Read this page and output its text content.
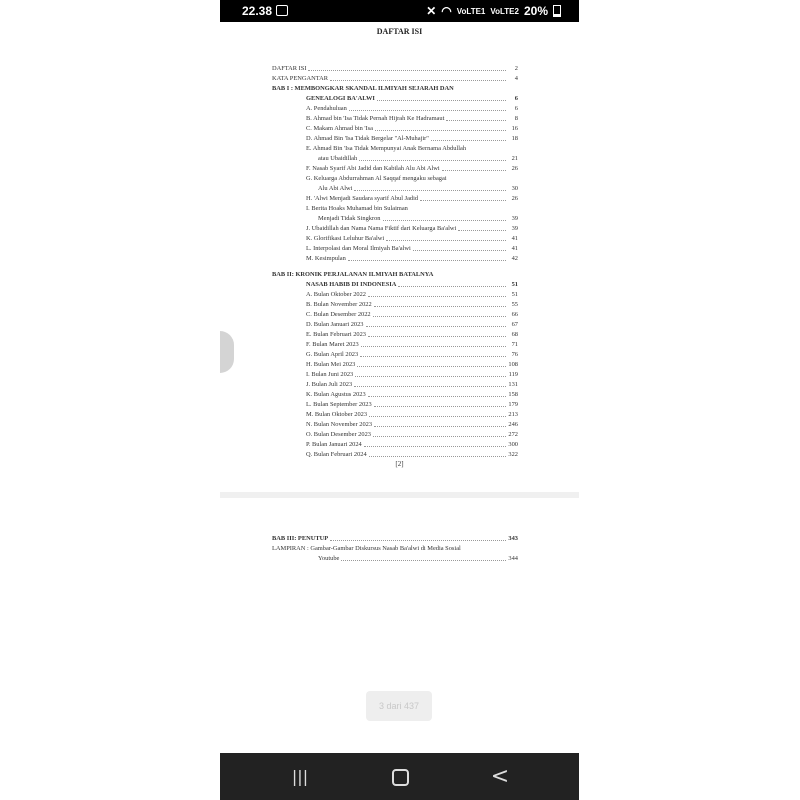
22.38	✕ ◠ VoLTE1 VoLTE2 20%
DAFTAR ISI
DAFTAR ISI	2
KATA PENGANTAR	4
BAB I : MEMBONGKAR SKANDAL ILMIYAH SEJARAH DAN
GENEALOGI BA'ALWI	6
A. Pendahuluan	6
B. Ahmad bin 'Isa Tidak Pernah Hijrah Ke Hadramaut	8
C. Makam Ahmad bin 'Isa	16
D. Ahmad Bin 'Isa Tidak Bergelar "Al-Muhajir"	18
E. Ahmad Bin 'Isa Tidak Mempunyai Anak Bernama Abdullah
atau Ubaidillah	21
F. Nasab Syarif Abi Jadid dan Kabilah Alu Abi Alwi	26
G. Keluarga Abdurrahman Al Saqqaf mengaku sebagai
Alu Abi Alwi	30
H. 'Alwi Menjadi Saudara syarif Abul Jadid	26
I. Berita Hoaks Muhamad bin Sulaiman
Menjadi Tidak Singkron	39
J. Ubaidillah dan Nama Nama Fiktif dari Keluarga Ba'alwi	39
K. Glorifikasi Leluhur Ba'alwi	41
L. Interpolasi dan Moral Ilmiyah Ba'alwi	41
M. Kesimpulan	42
BAB II: KRONIK PERJALANAN ILMIYAH BATALNYA
NASAB HABIB DI INDONESIA	51
A. Bulan Oktober 2022	51
B. Bulan November 2022	55
C. Bulan Desember 2022	66
D. Bulan Januari 2023	67
E. Bulan Februari 2023	68
F. Bulan Maret 2023	71
G. Bulan April 2023	76
H. Bulan Mei 2023	108
I. Bulan Juni 2023	119
J. Bulan Juli 2023	131
K. Bulan Agustus 2023	158
L. Bulan September 2023	179
M. Bulan Oktober 2023	213
N. Bulan November 2023	246
O. Bulan Desember 2023	272
P. Bulan Januari 2024	300
Q. Bulan Februari 2024	322
[2]
BAB III: PENUTUP	343
LAMPIRAN : Gambar-Gambar Diskursus Nasab Ba'alwi di Media Sosial
Youtube	344
3 dari 437
|||	<
